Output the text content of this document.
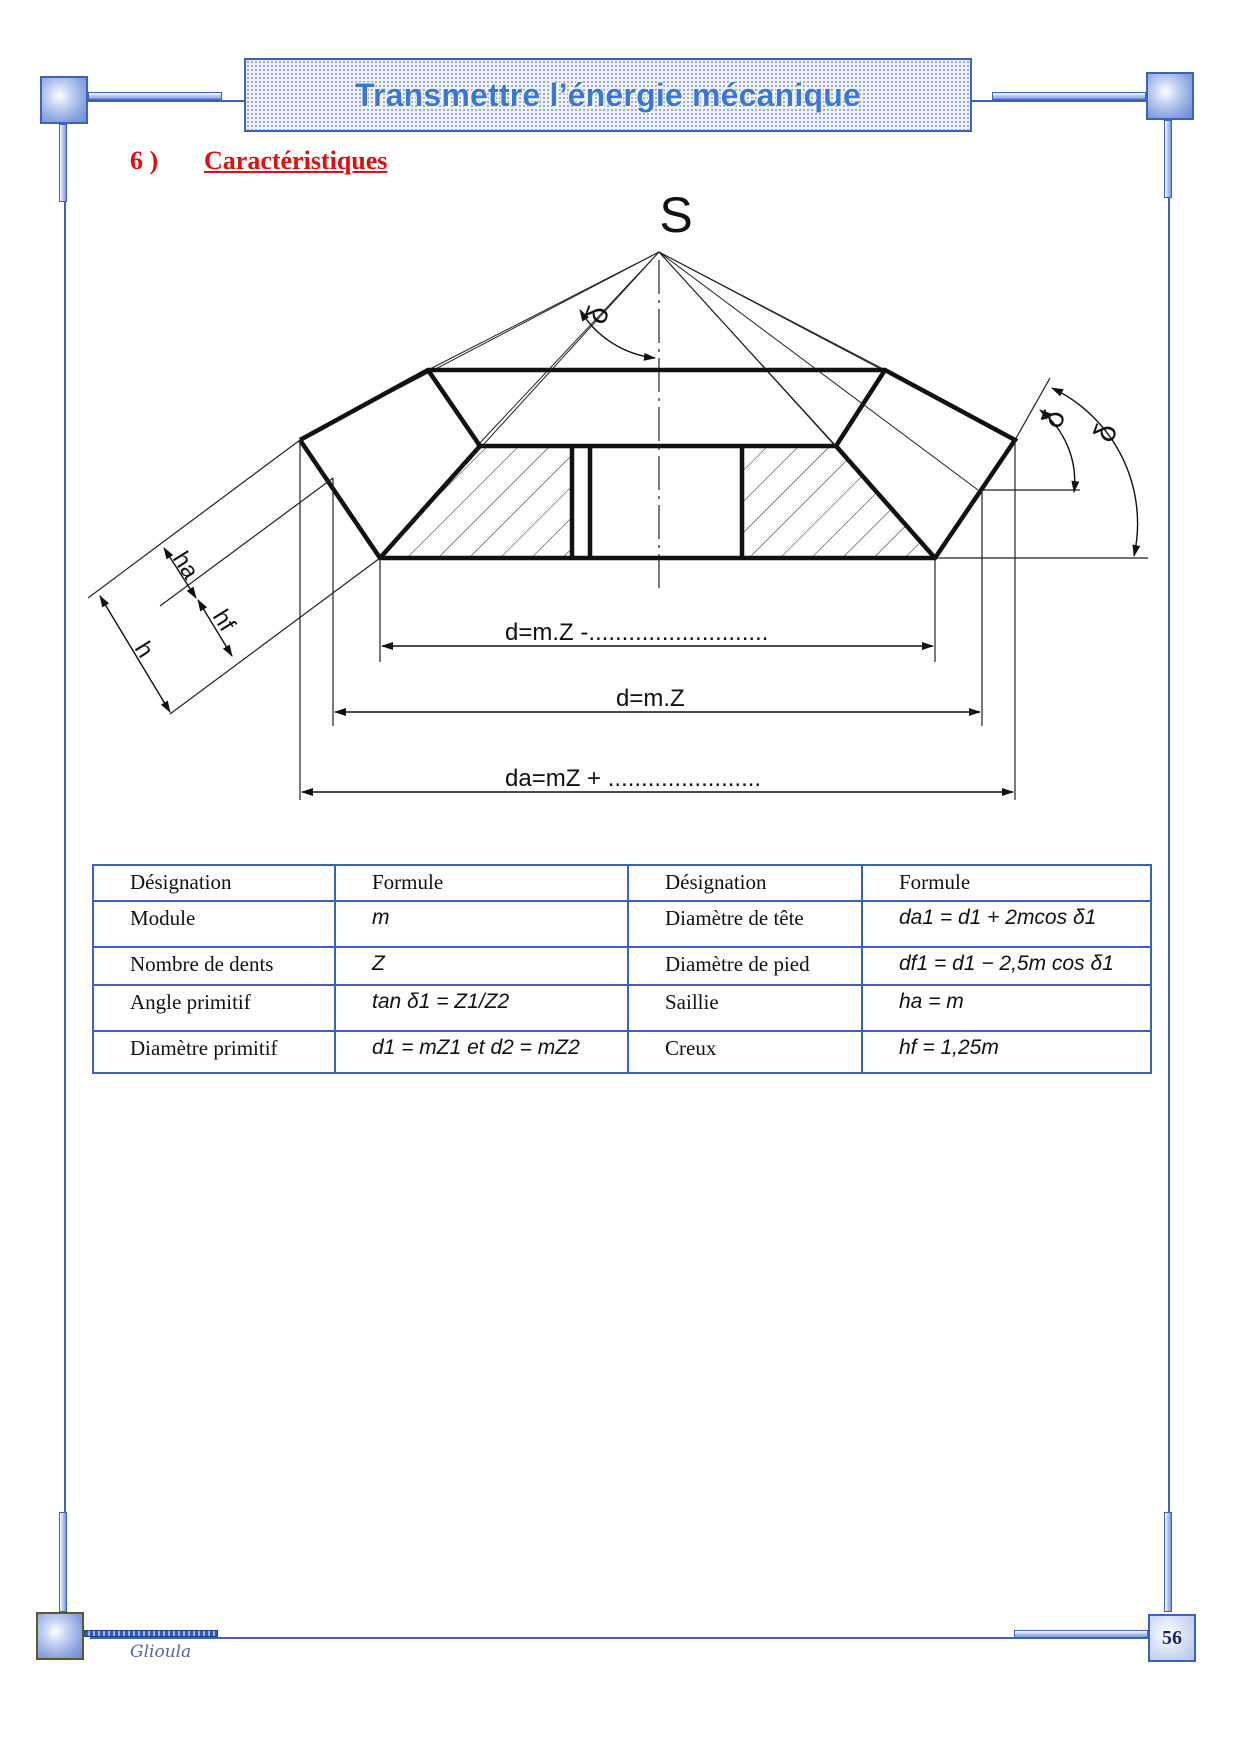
Transmettre l’énergie mécanique
6 ) Caractéristiques
S
d=m.Z -...........................
d=m.Z
da=mZ + .......................
h
ha
hf
δ
δ
δ
Désignation	Formule	Désignation	Formule
Module	m	Diamètre de tête	da1 = d1 + 2mcos δ1
Nombre de dents	Z	Diamètre de pied	df1 = d1 − 2,5m cos δ1
Angle primitif	tan δ1 = Z1/Z2	Saillie	ha = m
Diamètre primitif	d1 = mZ1 et d2 = mZ2	Creux	hf = 1,25m
Glioula
56
